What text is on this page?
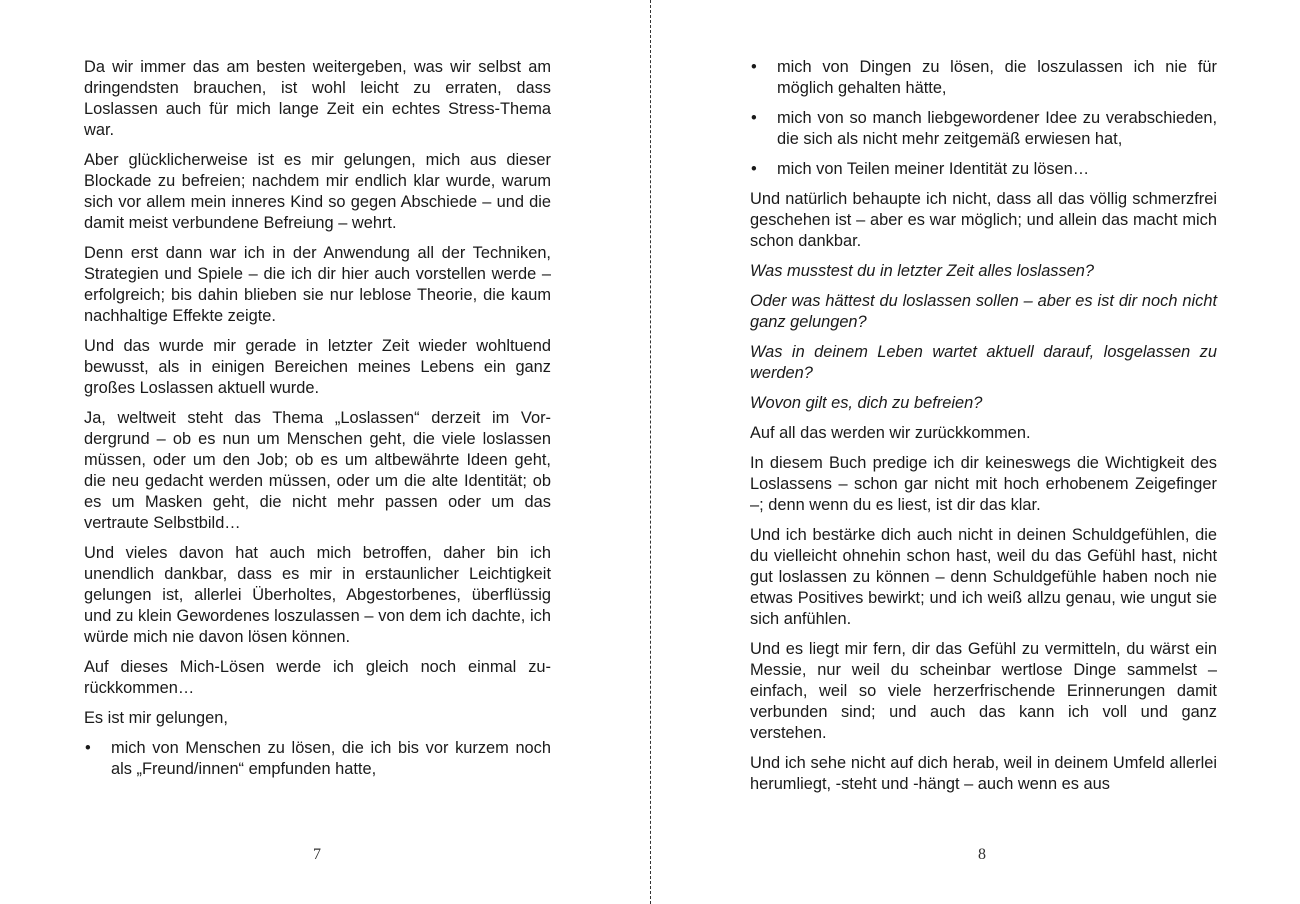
Da wir immer das am besten weitergeben, was wir selbst am dringendsten brauchen, ist wohl leicht zu erraten, dass Loslassen auch für mich lange Zeit ein echtes Stress-Thema war.

Aber glücklicherweise ist es mir gelungen, mich aus dieser Blockade zu befreien; nachdem mir endlich klar wurde, warum sich vor allem mein inneres Kind so gegen Abschiede – und die damit meist verbundene Befreiung – wehrt.

Denn erst dann war ich in der Anwendung all der Techniken, Strategien und Spiele – die ich dir hier auch vorstellen werde – erfolgreich; bis dahin blieben sie nur leblose Theorie, die kaum nachhaltige Effekte zeigte.

Und das wurde mir gerade in letzter Zeit wieder wohltuend bewusst, als in einigen Bereichen meines Lebens ein ganz großes Loslassen aktuell wurde.

Ja, weltweit steht das Thema „Loslassen“ derzeit im Vordergrund – ob es nun um Menschen geht, die viele loslassen müssen, oder um den Job; ob es um altbewährte Ideen geht, die neu gedacht werden müssen, oder um die alte Identität; ob es um Masken geht, die nicht mehr passen oder um das vertraute Selbstbild…

Und vieles davon hat auch mich betroffen, daher bin ich unendlich dankbar, dass es mir in erstaunlicher Leichtigkeit gelungen ist, allerlei Überholtes, Abgestorbenes, überflüssig und zu klein Gewordenes loszulassen – von dem ich dachte, ich würde mich nie davon lösen können.

Auf dieses Mich-Lösen werde ich gleich noch einmal zurückkommen…

Es ist mir gelungen,

• mich von Menschen zu lösen, die ich bis vor kurzem noch als „Freund/innen“ empfunden hatte,
7
• mich von Dingen zu lösen, die loszulassen ich nie für möglich gehalten hätte,
• mich von so manch liebgewordener Idee zu verabschieden, die sich als nicht mehr zeitgemäß erwiesen hat,
• mich von Teilen meiner Identität zu lösen…

Und natürlich behaupte ich nicht, dass all das völlig schmerzfrei geschehen ist – aber es war möglich; und allein das macht mich schon dankbar.

Was musstest du in letzter Zeit alles loslassen?

Oder was hättest du loslassen sollen – aber es ist dir noch nicht ganz gelungen?

Was in deinem Leben wartet aktuell darauf, losgelassen zu werden?

Wovon gilt es, dich zu befreien?

Auf all das werden wir zurückkommen.

In diesem Buch predige ich dir keineswegs die Wichtigkeit des Loslassens – schon gar nicht mit hoch erhobenem Zeigefinger –; denn wenn du es liest, ist dir das klar.

Und ich bestärke dich auch nicht in deinen Schuldgefühlen, die du vielleicht ohnehin schon hast, weil du das Gefühl hast, nicht gut loslassen zu können – denn Schuldgefühle haben noch nie etwas Positives bewirkt; und ich weiß allzu genau, wie ungut sie sich anfühlen.

Und es liegt mir fern, dir das Gefühl zu vermitteln, du wärst ein Messie, nur weil du scheinbar wertlose Dinge sammelst – einfach, weil so viele herzerfrischende Erinnerungen damit verbunden sind; und auch das kann ich voll und ganz verstehen.

Und ich sehe nicht auf dich herab, weil in deinem Umfeld allerlei herumliegt, -steht und -hängt – auch wenn es aus

8
